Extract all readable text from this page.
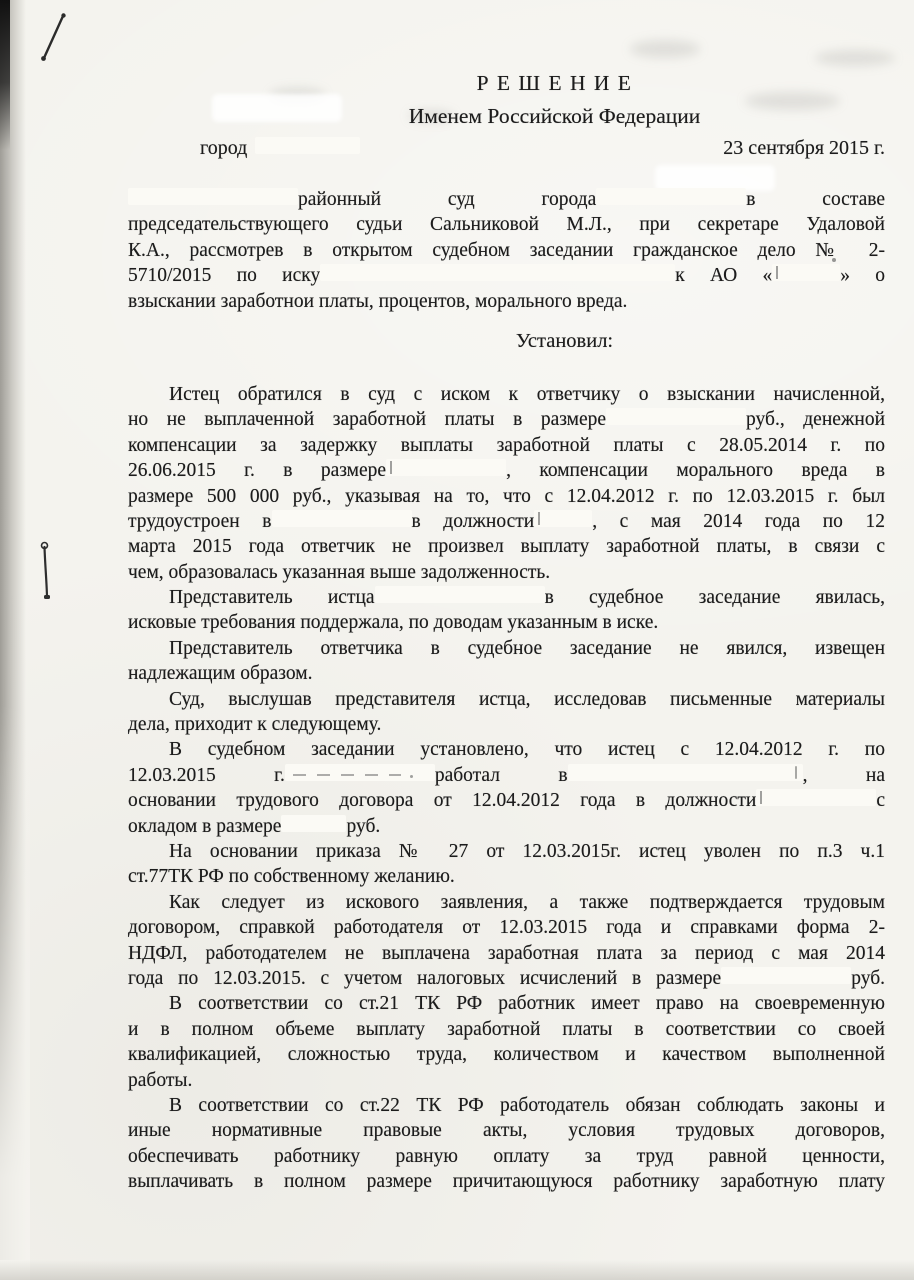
Р Е Ш Е Н И Е
Именем Российской Федерации
город	23 сентября 2015 г.
районный суд города	в составе
председательствующего судьи Сальниковой М.Л., при секретаре Удаловой
К.А., рассмотрев в открытом судебном заседании гражданское дело № 2-
5710/2015 по иску	к АО «	» о
взыскании заработнои платы, процентов, морального вреда.
Установил:
Истец обратился в суд с иском к ответчику о взыскании начисленной,
но не выплаченной заработной платы в размере	руб., денежной
компенсации за задержку выплаты заработной платы с 28.05.2014 г. по
26.06.2015 г. в размере	, компенсации морального вреда в
размере 500 000 руб., указывая на то, что с 12.04.2012 г. по 12.03.2015 г. был
трудоустроен в	в должности	, с мая 2014 года по 12
марта 2015 года ответчик не произвел выплату заработной платы, в связи с
чем, образовалась указанная выше задолженность.
Представитель истца	в судебное заседание явилась,
исковые требования поддержала, по доводам указанным в иске.
Представитель ответчика в судебное заседание не явился, извещен
надлежащим образом.
Суд, выслушав представителя истца, исследовав письменные материалы
дела, приходит к следующему.
В судебном заседании установлено, что истец с 12.04.2012 г. по
12.03.2015 г.	работал в	, на
основании трудового договора от 12.04.2012 года в должности	с
окладом в размере	руб.
На основании приказа № 27 от 12.03.2015г. истец уволен по п.3 ч.1
ст.77ТК РФ по собственному желанию.
Как следует из искового заявления, а также подтверждается трудовым
договором, справкой работодателя от 12.03.2015 года и справками форма 2-
НДФЛ, работодателем не выплачена заработная плата за период с мая 2014
года по 12.03.2015. с учетом налоговых исчислений в размере	руб.
В соответствии со ст.21 ТК РФ работник имеет право на своевременную
и в полном объеме выплату заработной платы в соответствии со своей
квалификацией, сложностью труда, количеством и качеством выполненной
работы.
В соответствии со ст.22 ТК РФ работодатель обязан соблюдать законы и
иные нормативные правовые акты, условия трудовых договоров,
обеспечивать работнику равную оплату за труд равной ценности,
выплачивать в полном размере причитающуюся работнику заработную плату
